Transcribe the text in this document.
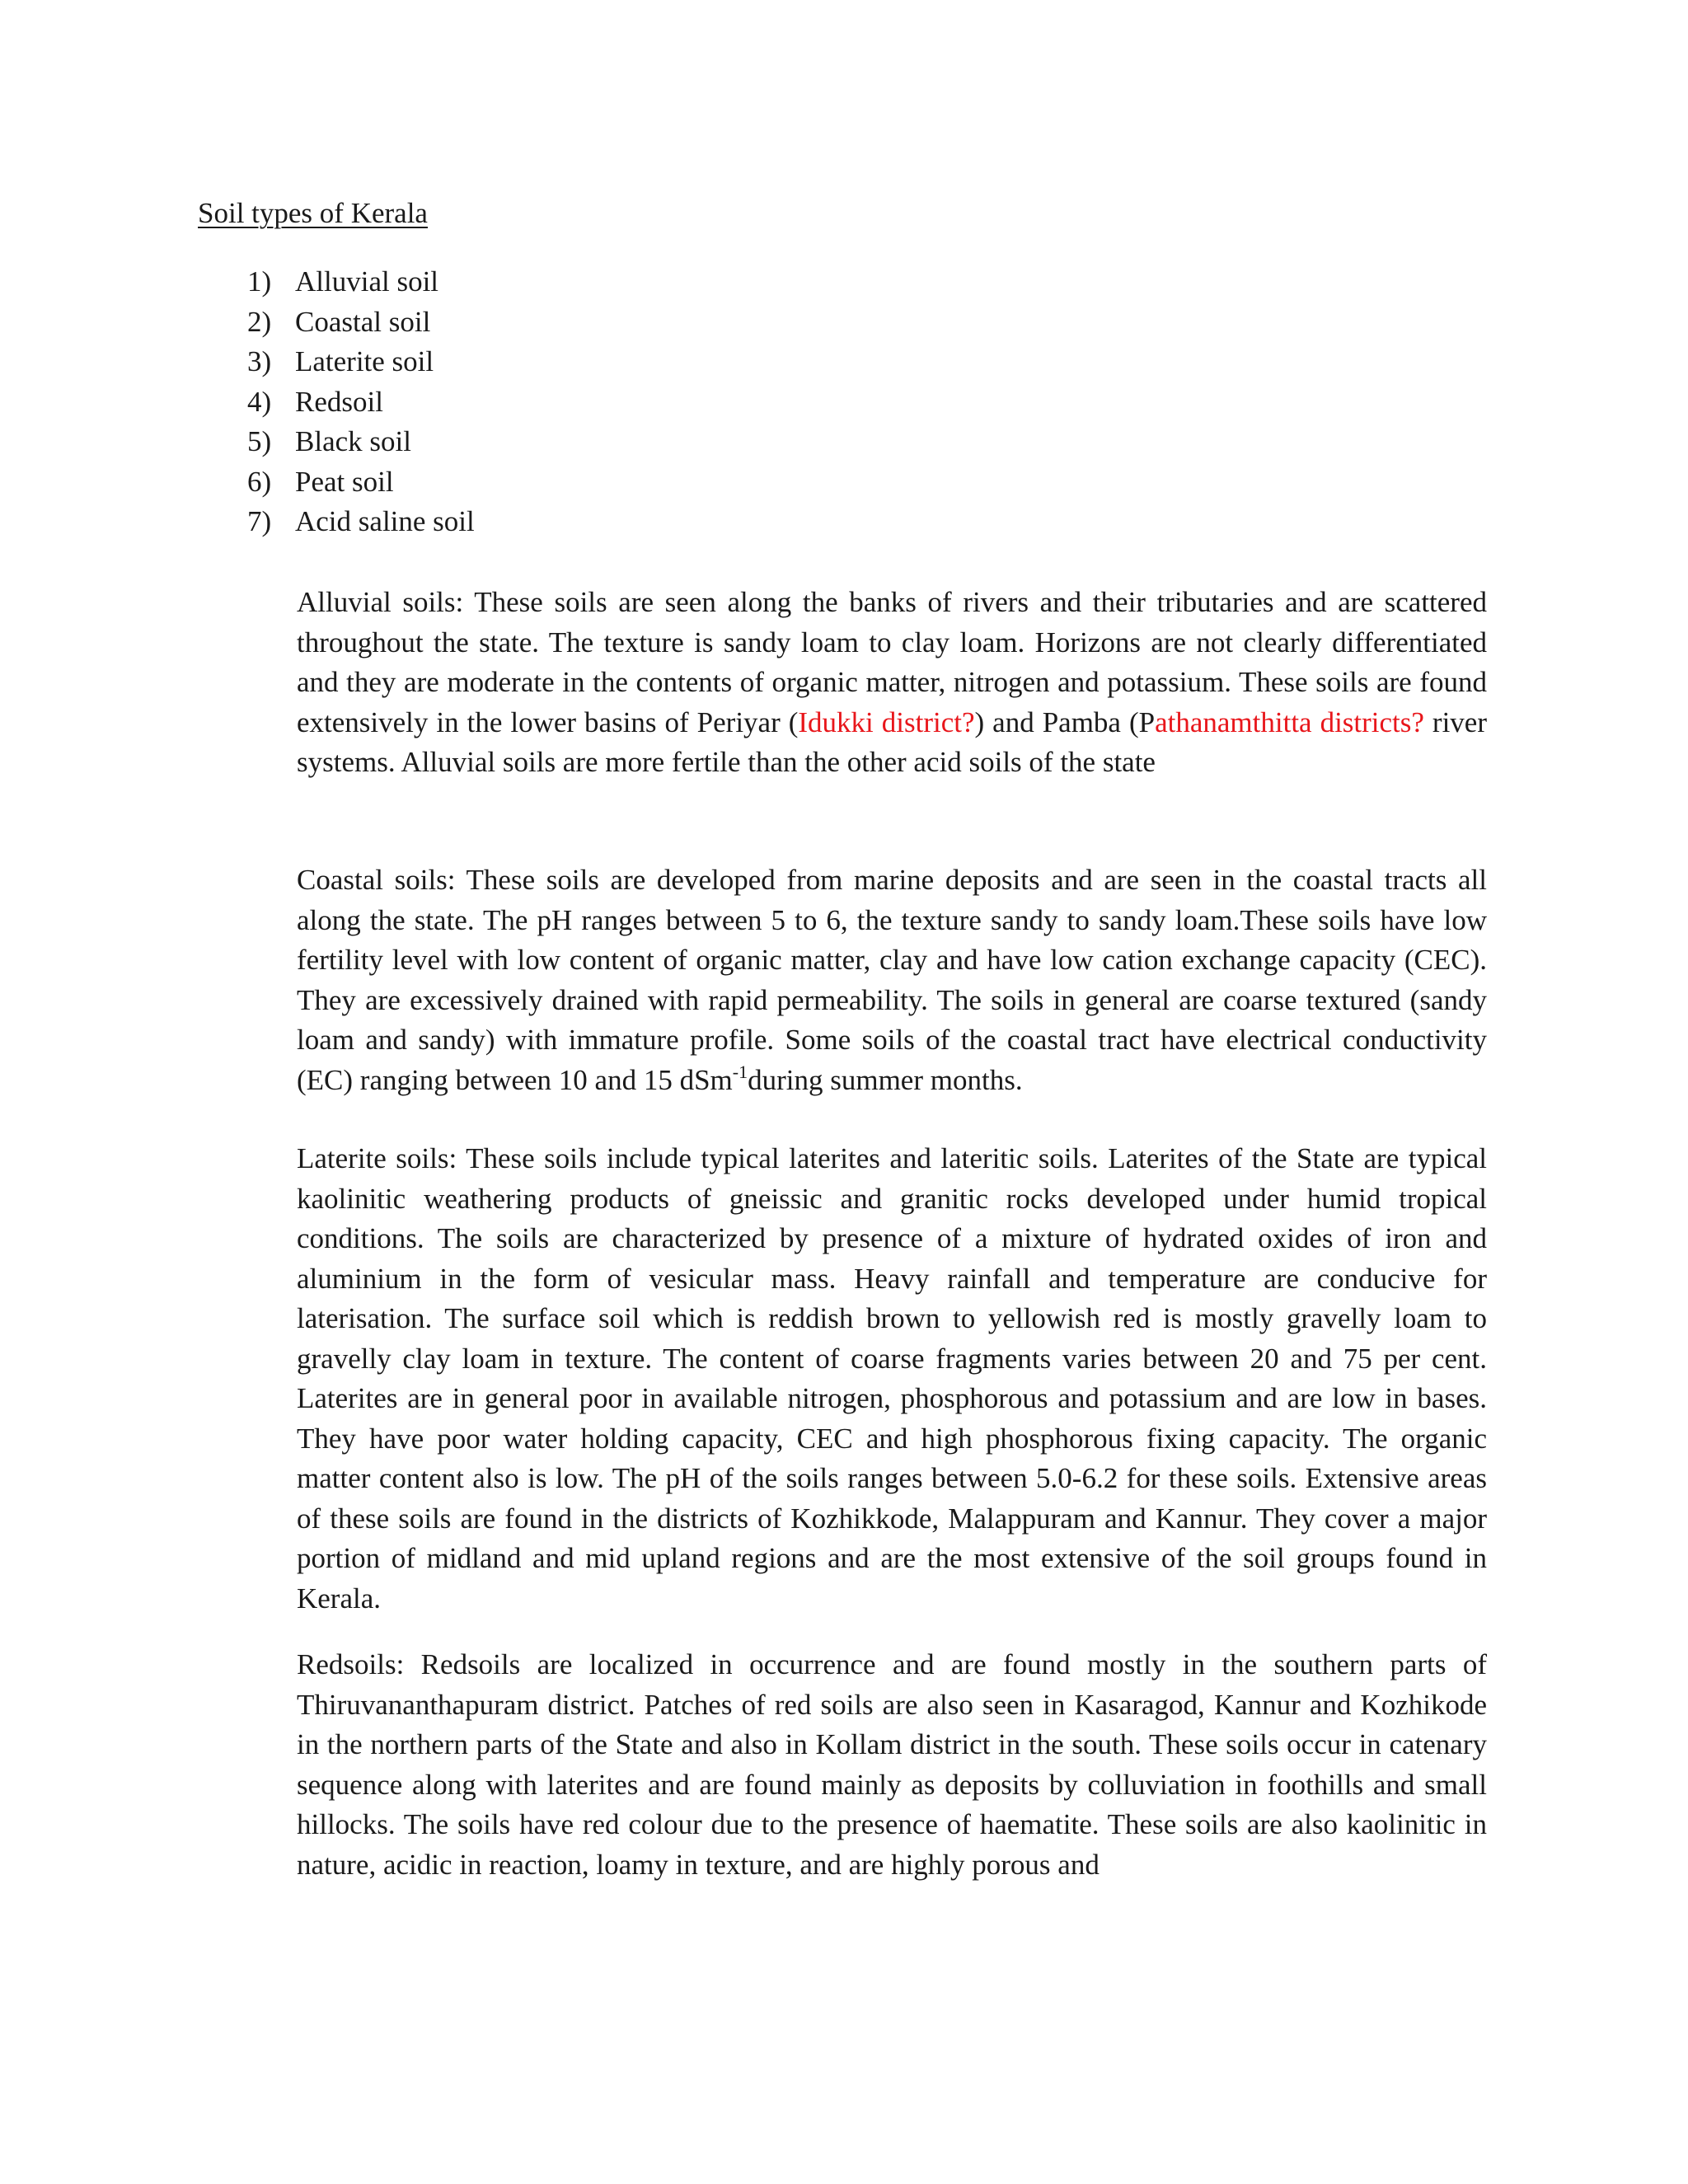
Soil types of Kerala
1) Alluvial soil
2) Coastal soil
3) Laterite soil
4) Redsoil
5) Black soil
6) Peat soil
7) Acid saline soil

Alluvial soils: These soils are seen along the banks of rivers and their tributaries and are scattered throughout the state. The texture is sandy loam to clay loam. Horizons are not clearly differentiated and they are moderate in the contents of organic matter, nitrogen and potassium. These soils are found extensively in the lower basins of Periyar (Idukki district?) and Pamba (Pathanamthitta districts? river systems. Alluvial soils are more fertile than the other acid soils of the state

Coastal soils: These soils are developed from marine deposits and are seen in the coastal tracts all along the state. The pH ranges between 5 to 6, the texture sandy to sandy loam.These soils have low fertility level with low content of organic matter, clay and have low cation exchange capacity (CEC). They are excessively drained with rapid permeability. The soils in general are coarse textured (sandy loam and sandy) with immature profile. Some soils of the coastal tract have electrical conductivity (EC) ranging between 10 and 15 dSm$^{-1}$during summer months.

Laterite soils: These soils include typical laterites and lateritic soils. Laterites of the State are typical kaolinitic weathering products of gneissic and granitic rocks developed under humid tropical conditions. The soils are characterized by presence of a mixture of hydrated oxides of iron and aluminium in the form of vesicular mass. Heavy rainfall and temperature are conducive for laterisation. The surface soil which is reddish brown to yellowish red is mostly gravelly loam to gravelly clay loam in texture. The content of coarse fragments varies between 20 and 75 per cent. Laterites are in general poor in available nitrogen, phosphorous and potassium and are low in bases. They have poor water holding capacity, CEC and high phosphorous fixing capacity. The organic matter content also is low. The pH of the soils ranges between 5.0-6.2 for these soils. Extensive areas of these soils are found in the districts of Kozhikkode, Malappuram and Kannur. They cover a major portion of midland and mid upland regions and are the most extensive of the soil groups found in Kerala.

Redsoils: Redsoils are localized in occurrence and are found mostly in the southern parts of Thiruvananthapuram district. Patches of red soils are also seen in Kasaragod, Kannur and Kozhikode in the northern parts of the State and also in Kollam district in the south. These soils occur in catenary sequence along with laterites and are found mainly as deposits by colluviation in foothills and small hillocks. The soils have red colour due to the presence of haematite. These soils are also kaolinitic in nature, acidic in reaction, loamy in texture, and are highly porous and
